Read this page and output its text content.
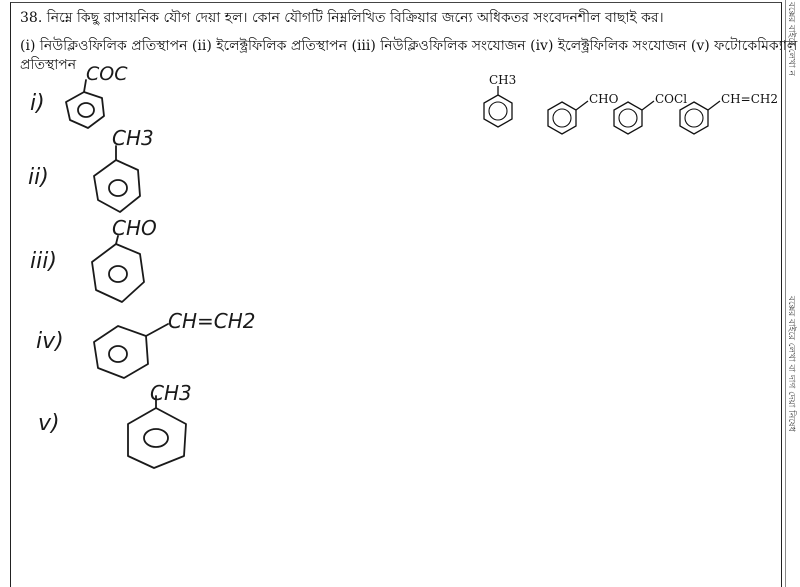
38. নিম্নে কিছু রাসায়নিক যৌগ দেয়া হল। কোন যৌগটি নিম্নলিখিত বিক্রিয়ার জন্যে অধিকতর সংবেদনশীল বাছাই কর।
(i) নিউক্লিওফিলিক প্রতিস্থাপন (ii) ইলেক্ট্রফিলিক প্রতিস্থাপন (iii) নিউক্লিওফিলিক সংযোজন (iv) ইলেক্ট্রফিলিক সংযোজন (v) ফটোকেমিক্যাল
প্রতিস্থাপন	বক্সের বাইরে লেখা ন
বক্সের বাইরে লেখা বা দাগ দেয়া নিষেধ
CH3
CHO	COCl	CH=CH2
i)
COC
ii)
CH3
iii)
CHO
iv)
CH=CH2
v)
CH3
